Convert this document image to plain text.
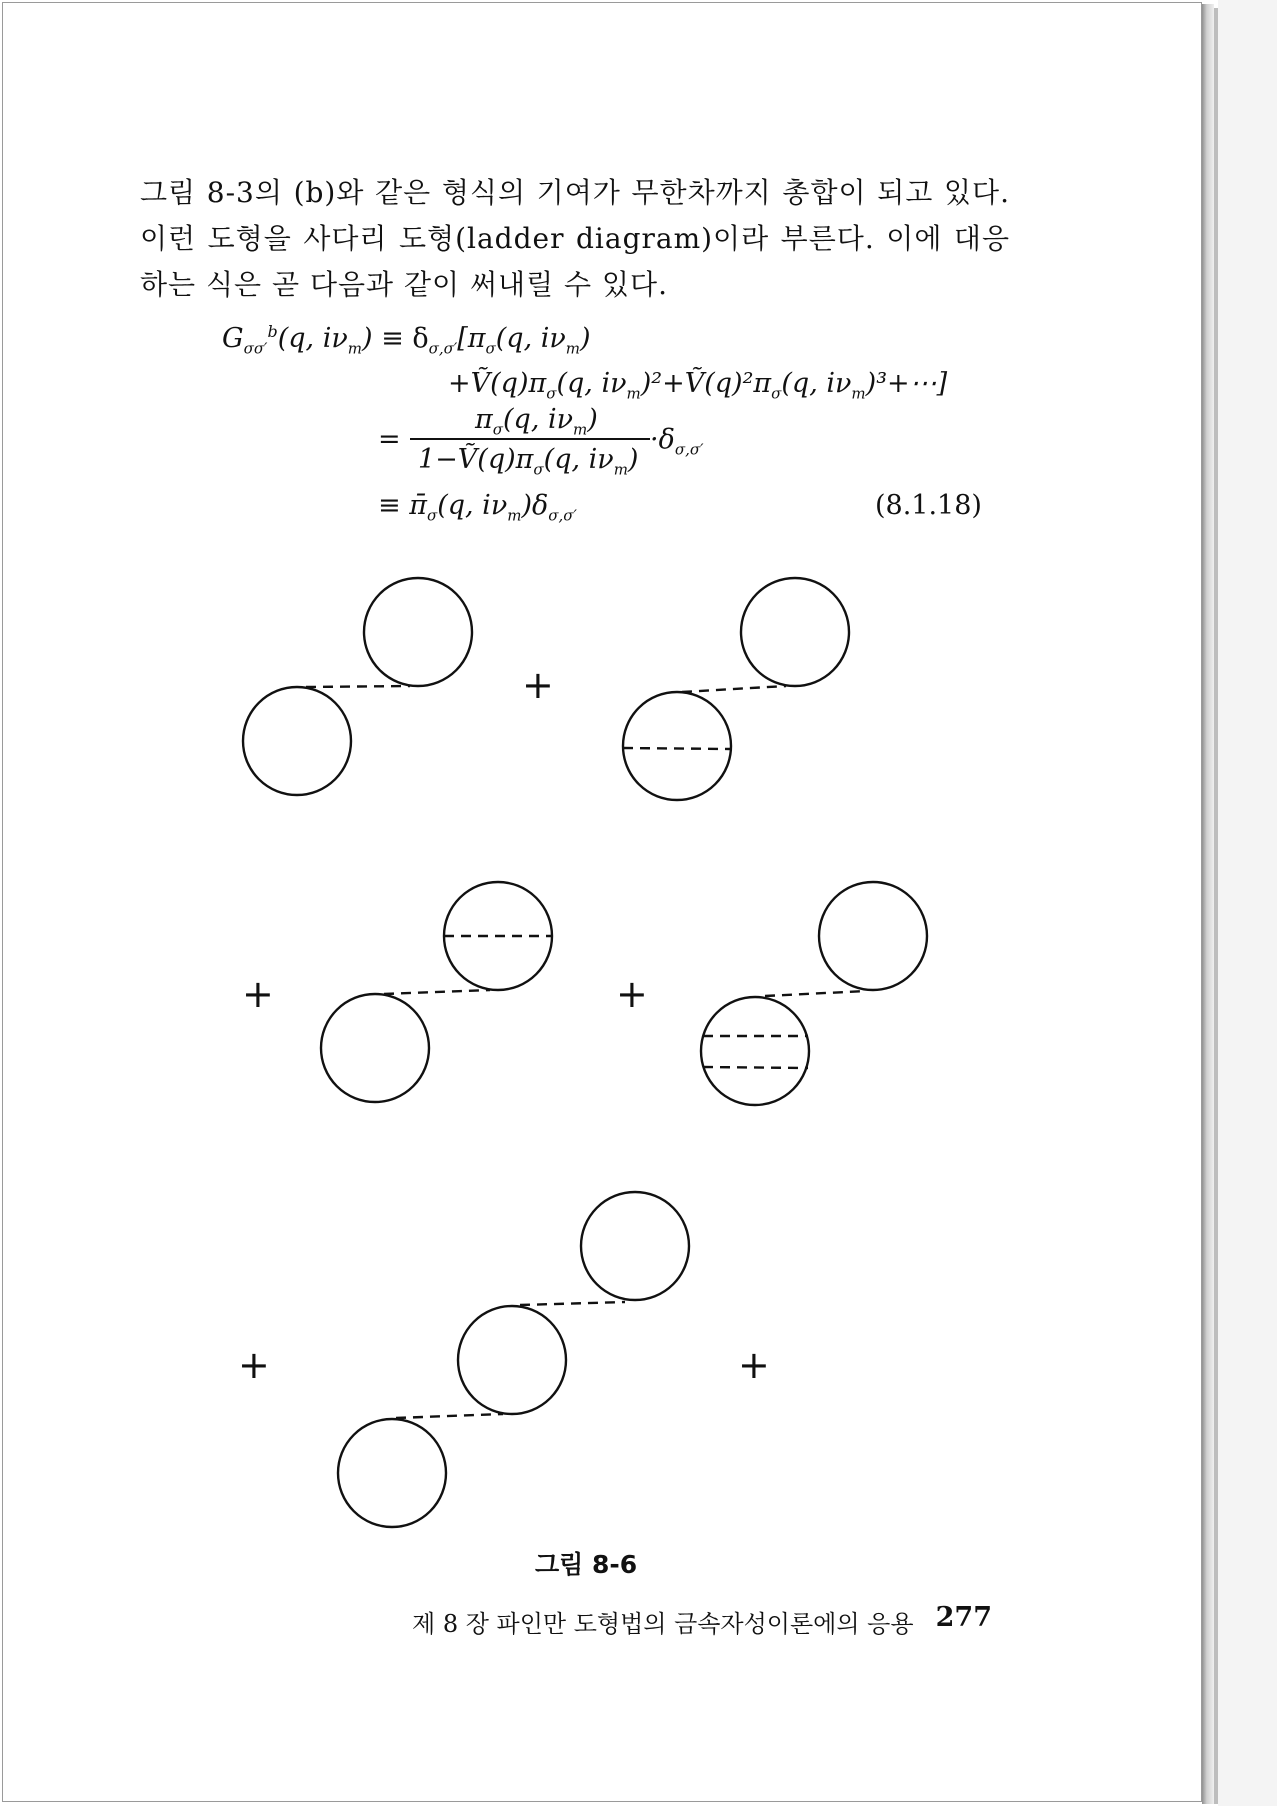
그림 8-3의 (b)와 같은 형식의 기여가 무한차까지 총합이 되고 있다. 이런 도형을 사다리 도형(ladder diagram)이라 부른다. 이에 대응하는 식은 곧 다음과 같이 써내릴 수 있다.

$G_{\sigma\sigma'}^b(q$, $i\nu_m) \equiv \delta_{\sigma,\sigma'}[\pi_\sigma(q$, $i\nu_m$)
$+Ṽ(q)\pi_\sigma(q$, $i\nu_m)^2+Ṽ(q)^2\pi_\sigma(q$, $i\nu_m)^3+\cdots$]
=
$\pi_\sigma(q$, $i\nu_m$)
$1-Ṽ(q)\pi_\sigma(q$, $i\nu_m$)
$\cdot\delta_{\sigma,\sigma'}$
≡ $\pī_\sigma(q$, $i\nu_m)\delta_{\sigma,\sigma'}$	(8.1.18)
+
+	+
+	+
그림 8-6
제 8 장 파인만 도형법의 금속자성이론에의 응용 277
